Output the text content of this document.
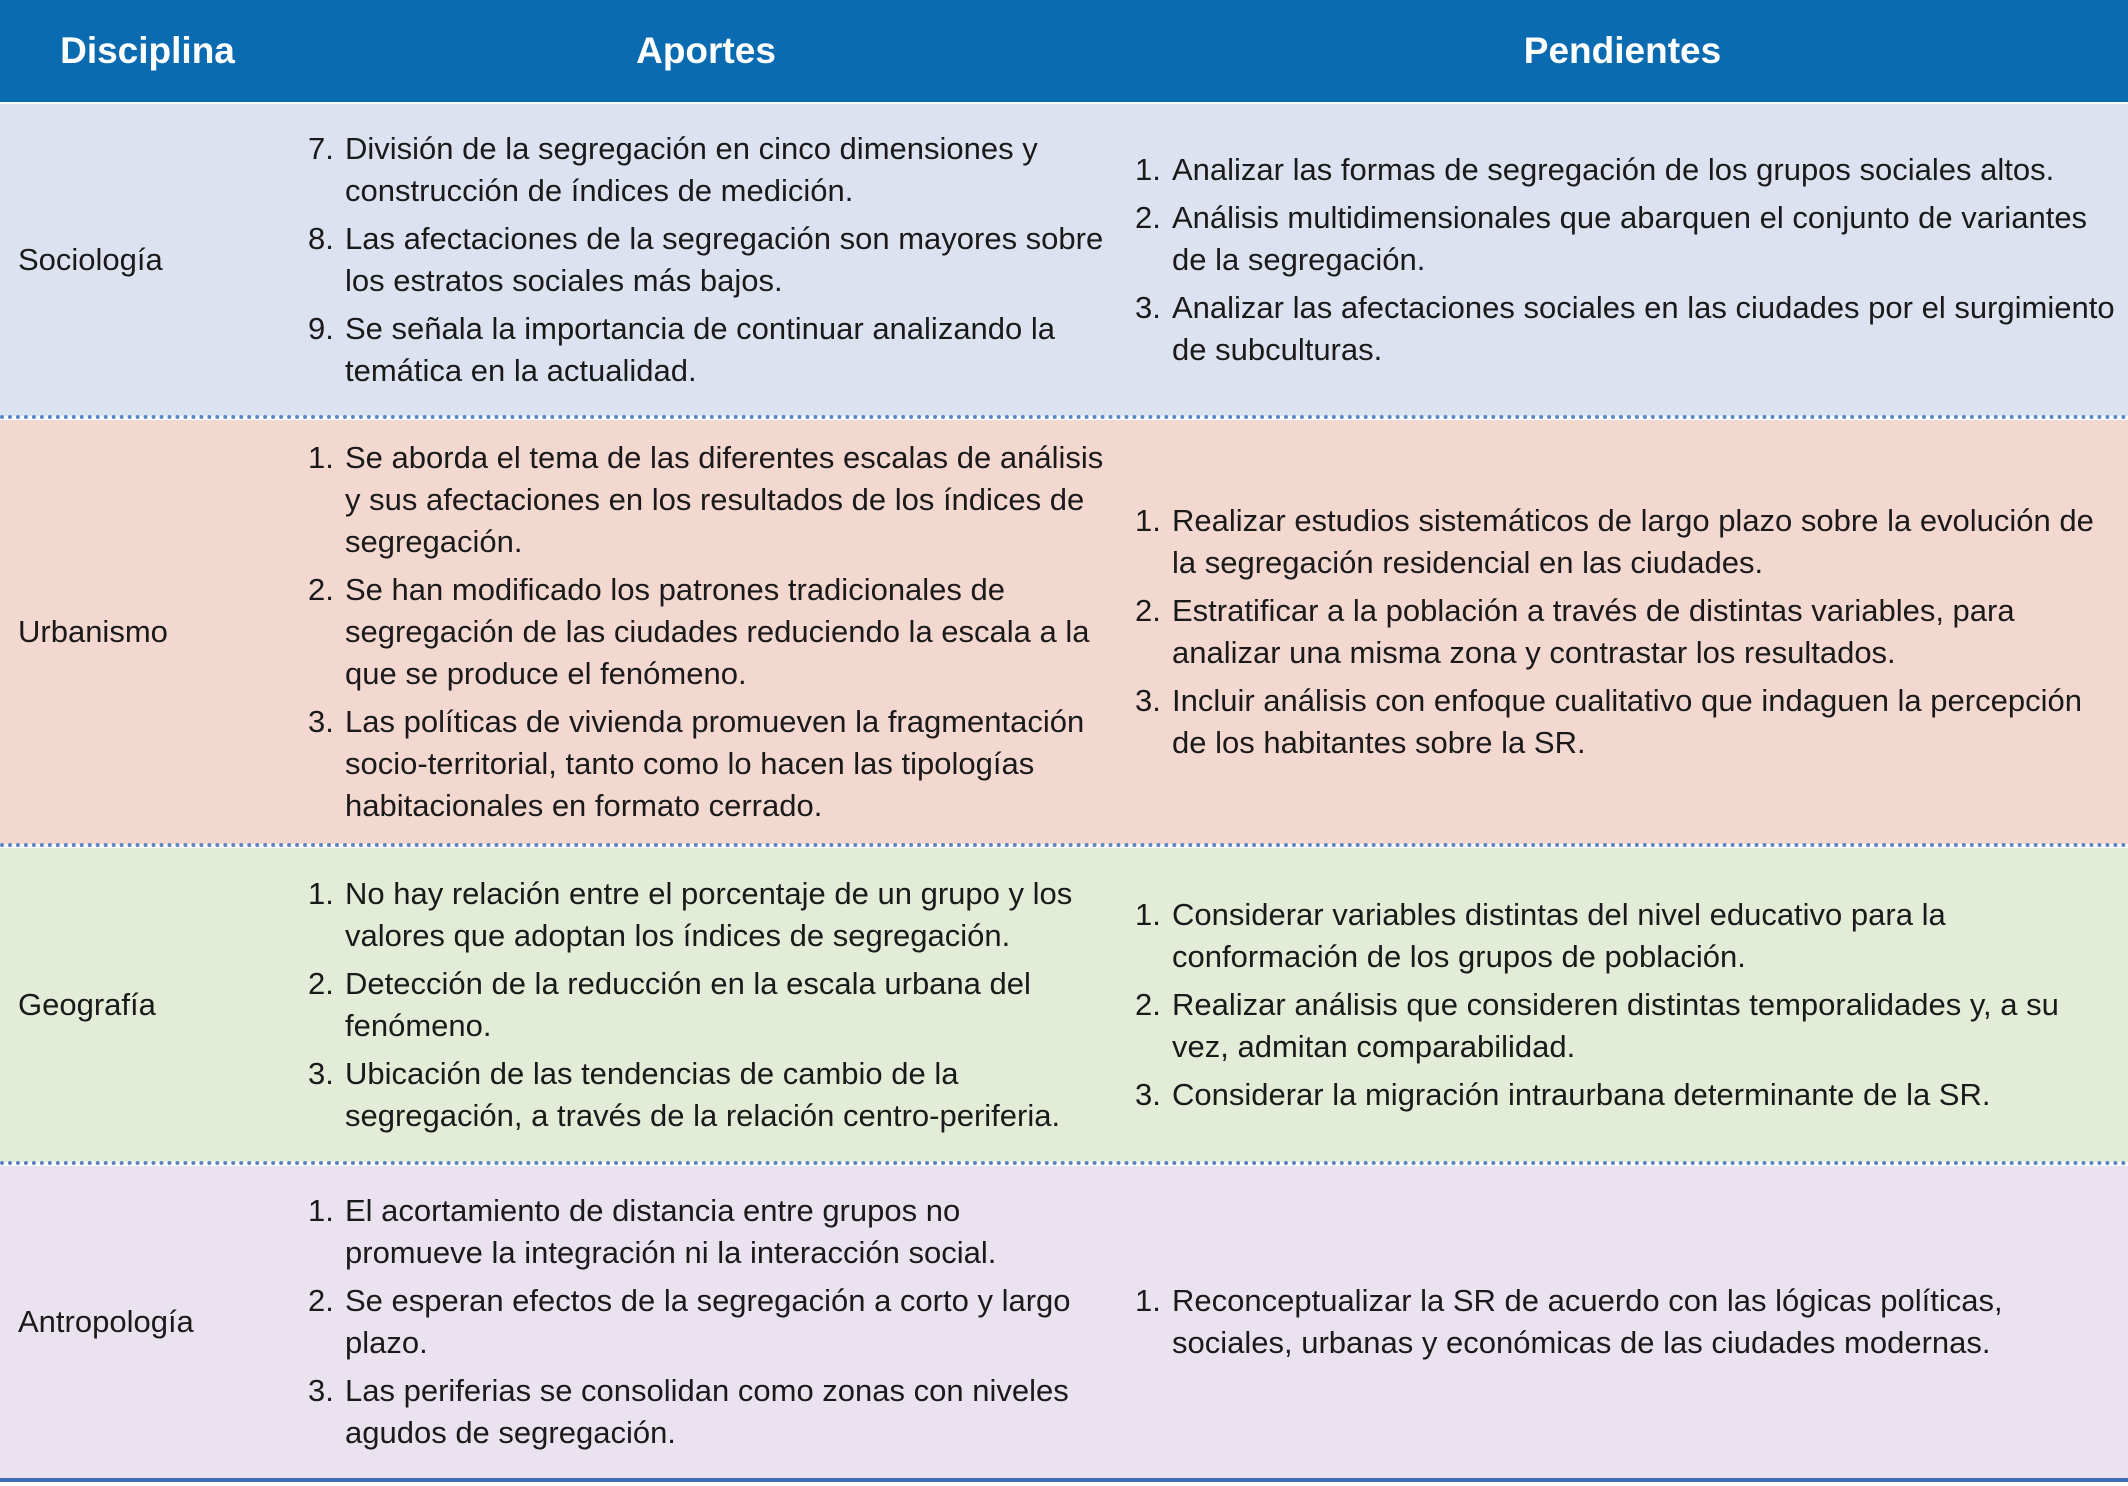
Disciplina	Aportes	Pendientes
Sociología
7. División de la segregación en cinco dimensiones y
construcción de índices de medición.
8. Las afectaciones de la segregación son mayores sobre
los estratos sociales más bajos.
9. Se señala la importancia de continuar analizando la
temática en la actualidad.
1. Analizar las formas de segregación de los grupos sociales altos.
2. Análisis multidimensionales que abarquen el conjunto de variantes
de la segregación.
3. Analizar las afectaciones sociales en las ciudades por el surgimiento
de subculturas.
Urbanismo
1. Se aborda el tema de las diferentes escalas de análisis
y sus afectaciones en los resultados de los índices de
segregación.
2. Se han modificado los patrones tradicionales de
segregación de las ciudades reduciendo la escala a la
que se produce el fenómeno.
3. Las políticas de vivienda promueven la fragmentación
socio-territorial, tanto como lo hacen las tipologías
habitacionales en formato cerrado.
1. Realizar estudios sistemáticos de largo plazo sobre la evolución de
la segregación residencial en las ciudades.
2. Estratificar a la población a través de distintas variables, para
analizar una misma zona y contrastar los resultados.
3. Incluir análisis con enfoque cualitativo que indaguen la percepción
de los habitantes sobre la SR.
Geografía
1. No hay relación entre el porcentaje de un grupo y los
valores que adoptan los índices de segregación.
2. Detección de la reducción en la escala urbana del
fenómeno.
3. Ubicación de las tendencias de cambio de la
segregación, a través de la relación centro-periferia.
1. Considerar variables distintas del nivel educativo para la
conformación de los grupos de población.
2. Realizar análisis que consideren distintas temporalidades y, a su
vez, admitan comparabilidad.
3. Considerar la migración intraurbana determinante de la SR.
Antropología
1. El acortamiento de distancia entre grupos no
promueve la integración ni la interacción social.
2. Se esperan efectos de la segregación a corto y largo
plazo.
3. Las periferias se consolidan como zonas con niveles
agudos de segregación.
1. Reconceptualizar la SR de acuerdo con las lógicas políticas,
sociales, urbanas y económicas de las ciudades modernas.
